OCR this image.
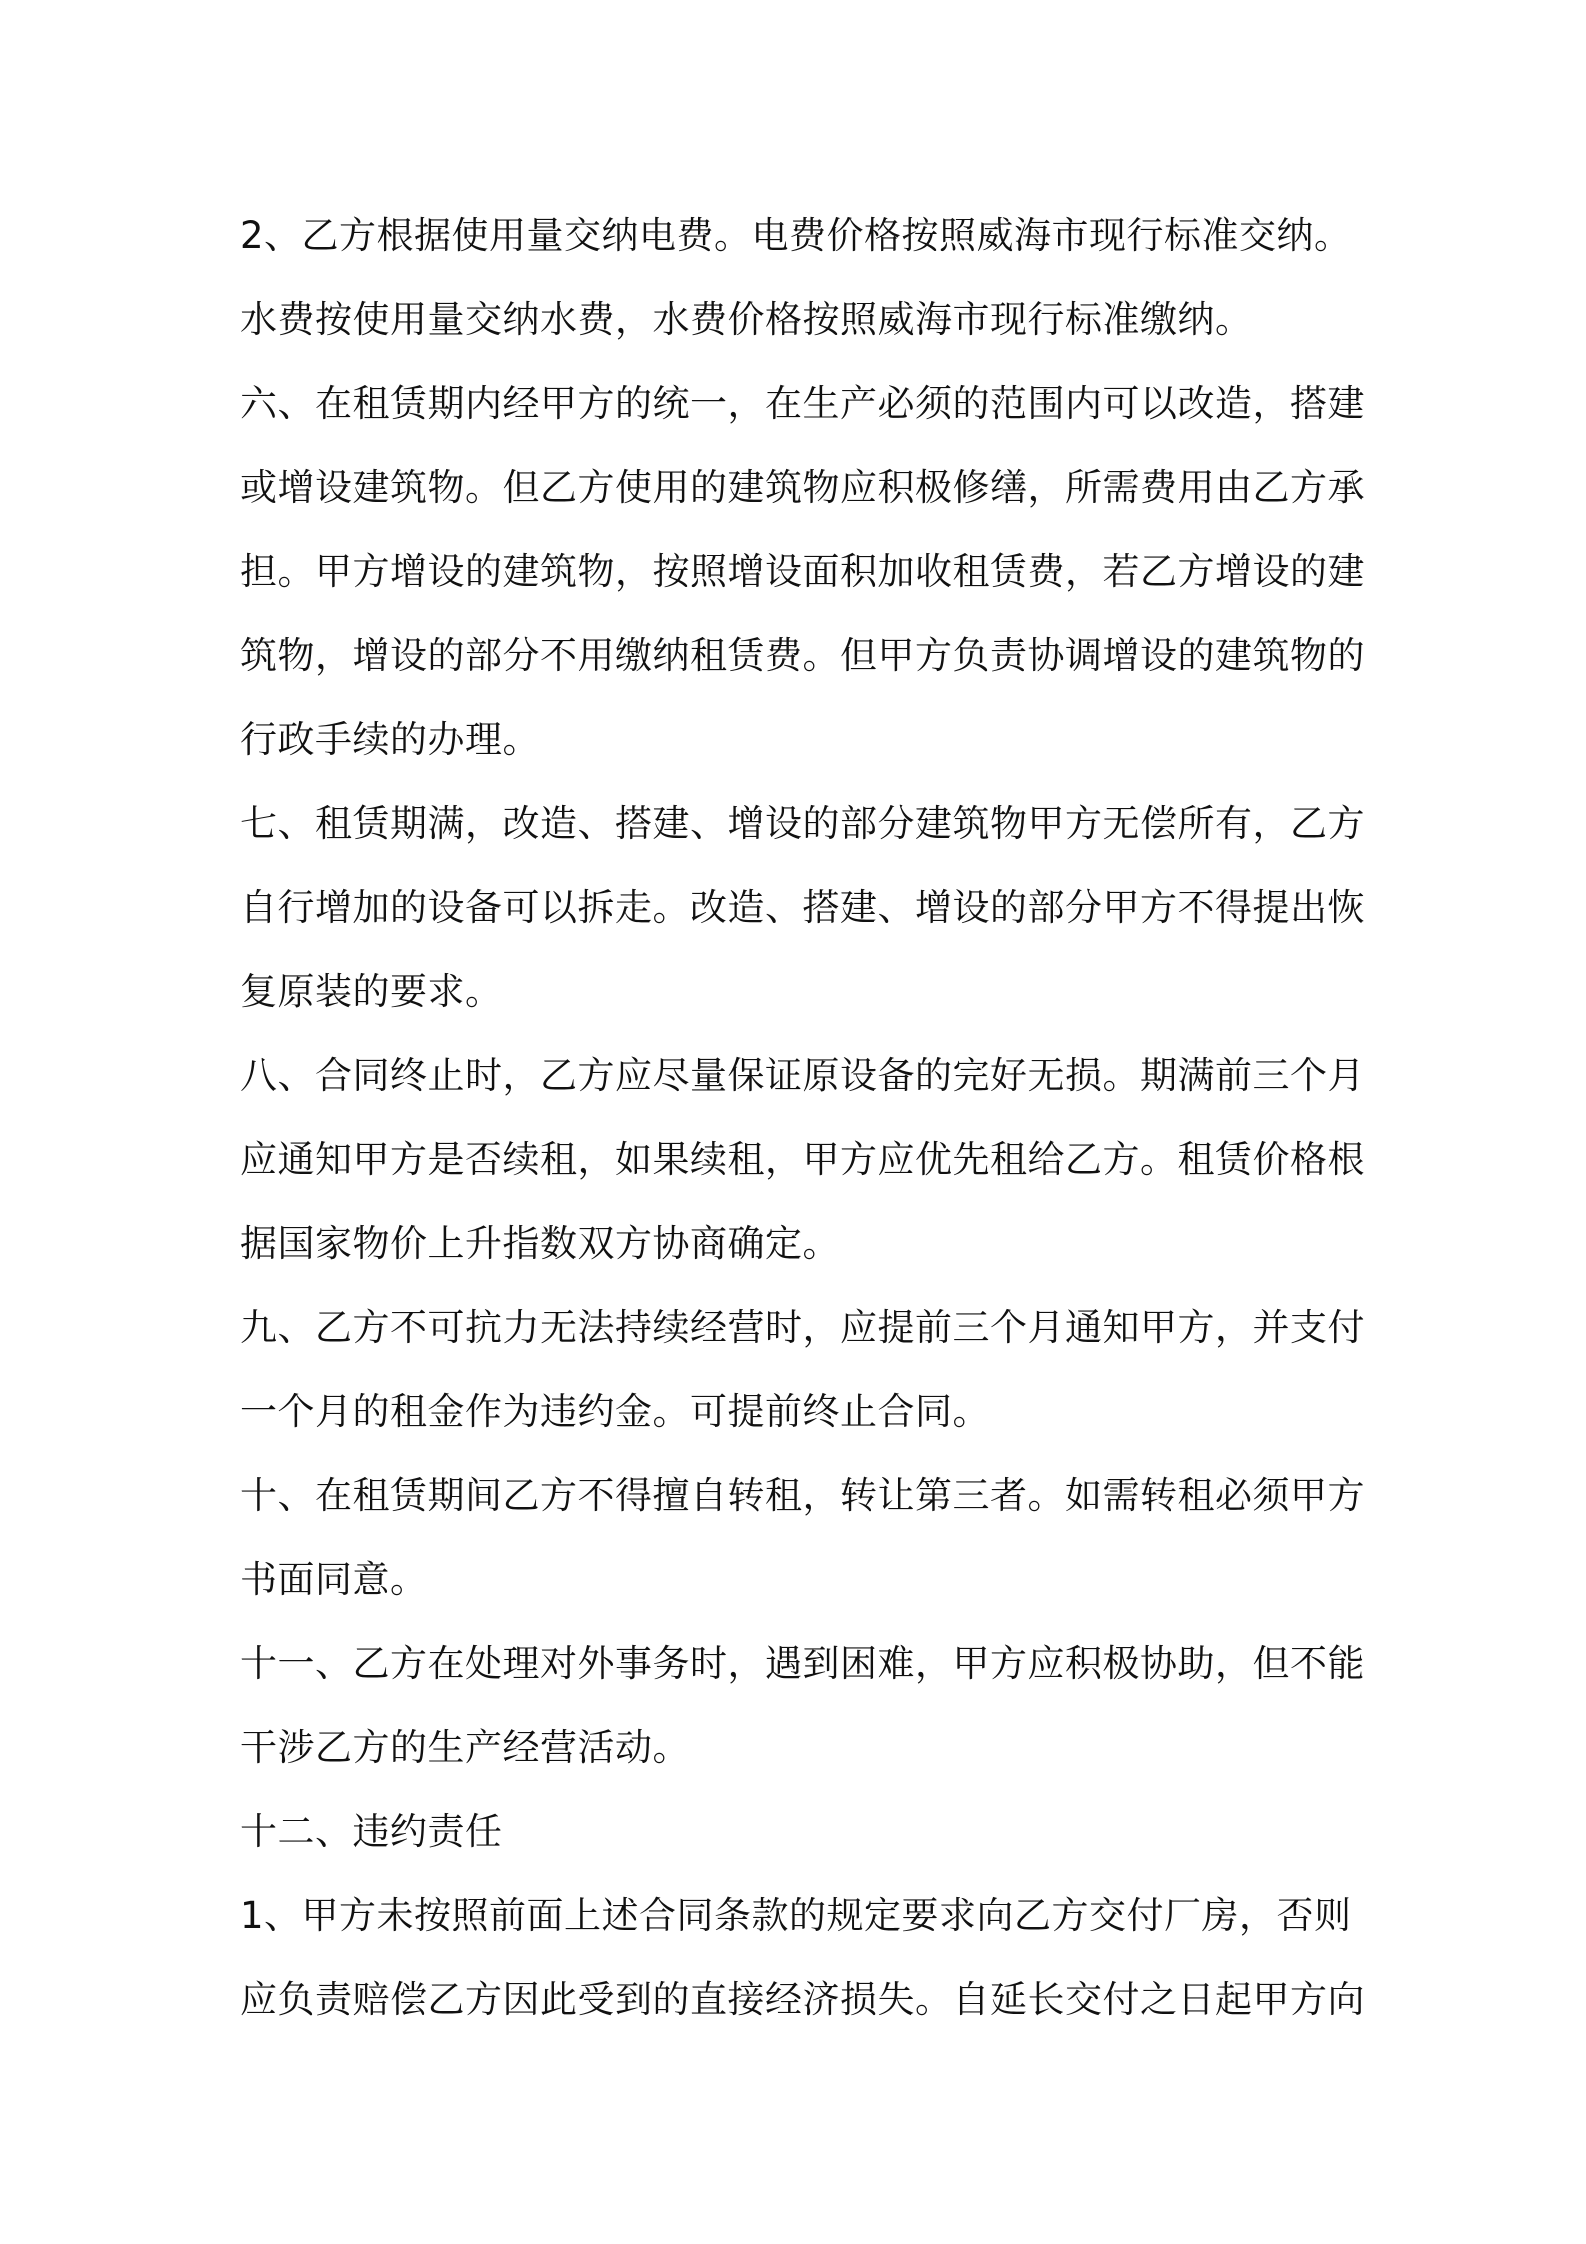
2、乙方根据使用量交纳电费。电费价格按照威海市现行标准交纳。
水费按使用量交纳水费，水费价格按照威海市现行标准缴纳。
六、在租赁期内经甲方的统一，在生产必须的范围内可以改造，搭建
或增设建筑物。但乙方使用的建筑物应积极修缮，所需费用由乙方承
担。甲方增设的建筑物，按照增设面积加收租赁费，若乙方增设的建
筑物，增设的部分不用缴纳租赁费。但甲方负责协调增设的建筑物的
行政手续的办理。
七、租赁期满，改造、搭建、增设的部分建筑物甲方无偿所有，乙方
自行增加的设备可以拆走。改造、搭建、增设的部分甲方不得提出恢
复原装的要求。
八、合同终止时，乙方应尽量保证原设备的完好无损。期满前三个月
应通知甲方是否续租，如果续租，甲方应优先租给乙方。租赁价格根
据国家物价上升指数双方协商确定。
九、乙方不可抗力无法持续经营时，应提前三个月通知甲方，并支付
一个月的租金作为违约金。可提前终止合同。
十、在租赁期间乙方不得擅自转租，转让第三者。如需转租必须甲方
书面同意。
十一、乙方在处理对外事务时，遇到困难，甲方应积极协助，但不能
干涉乙方的生产经营活动。
十二、违约责任
1、甲方未按照前面上述合同条款的规定要求向乙方交付厂房，否则
应负责赔偿乙方因此受到的直接经济损失。自延长交付之日起甲方向
